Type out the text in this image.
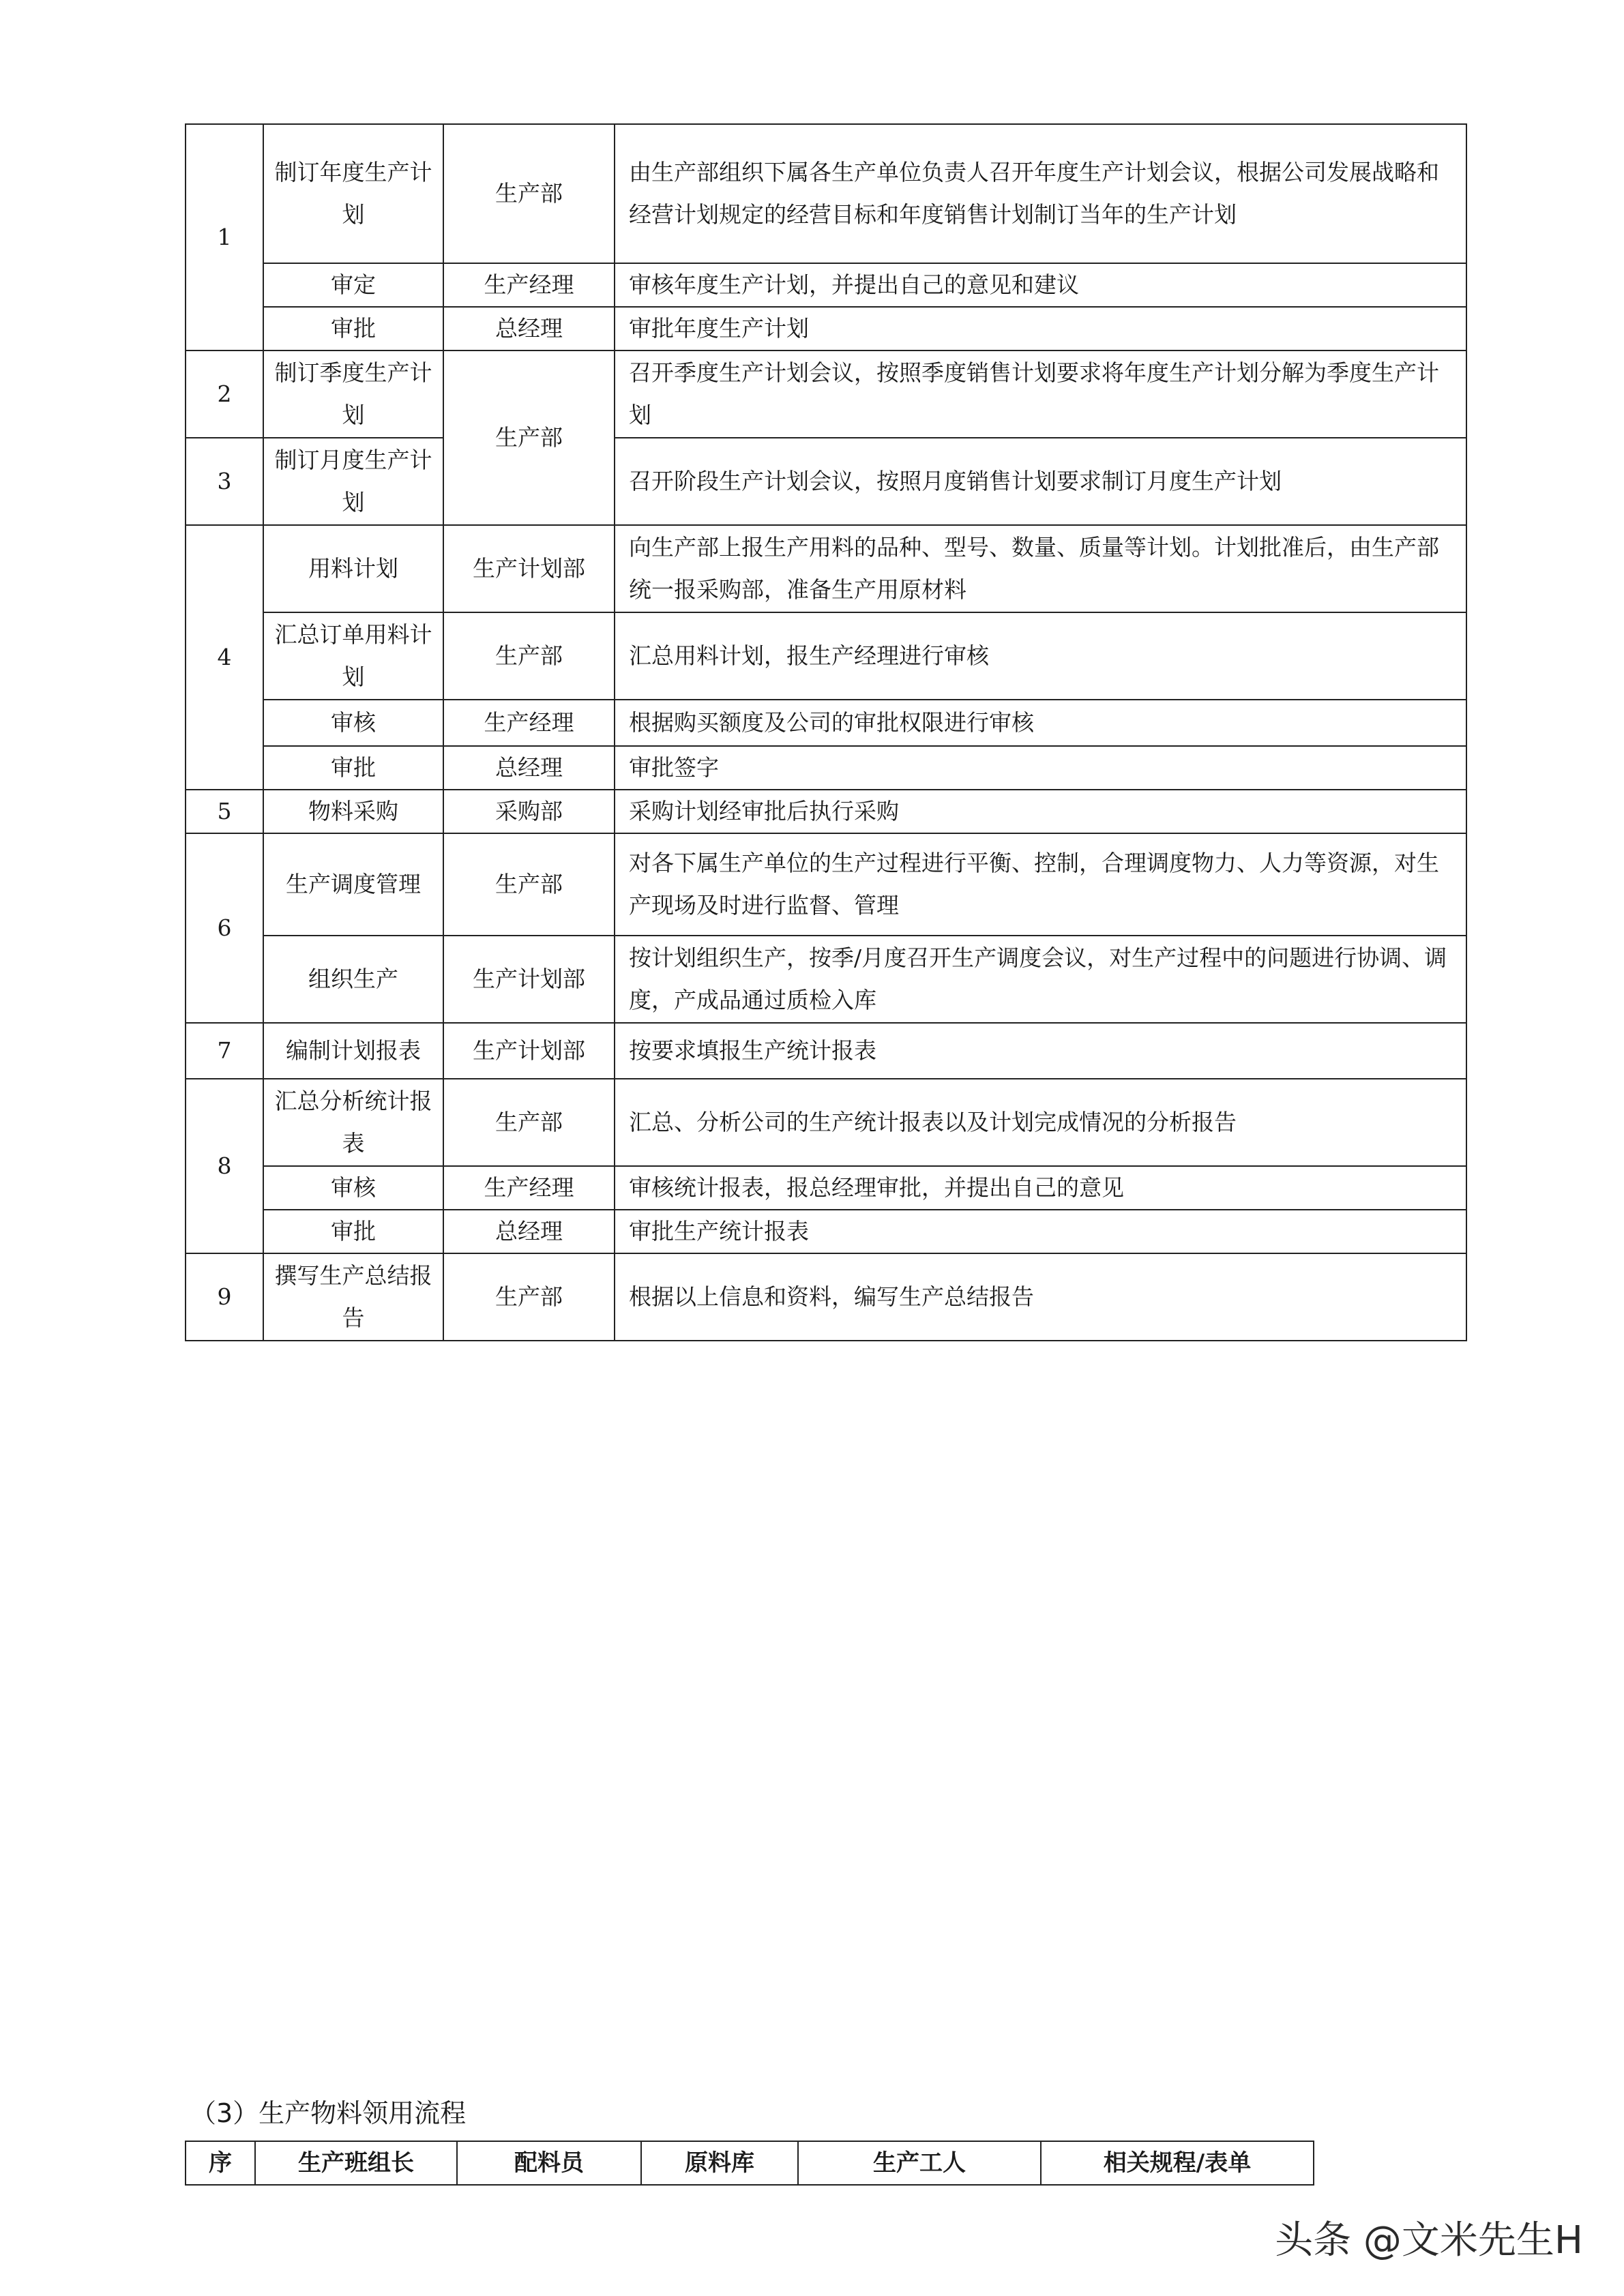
1	制订年度生产计划	生产部	由生产部组织下属各生产单位负责人召开年度生产计划会议，根据公司发展战略和经营计划规定的经营目标和年度销售计划制订当年的生产计划
	审定	生产经理	审核年度生产计划，并提出自己的意见和建议
	审批	总经理	审批年度生产计划
2	制订季度生产计划	生产部	召开季度生产计划会议，按照季度销售计划要求将年度生产计划分解为季度生产计划
3	制订月度生产计划		召开阶段生产计划会议，按照月度销售计划要求制订月度生产计划
4	用料计划	生产计划部	向生产部上报生产用料的品种、型号、数量、质量等计划。计划批准后，由生产部统一报采购部，准备生产用原材料
	汇总订单用料计划	生产部	汇总用料计划，报生产经理进行审核
	审核	生产经理	根据购买额度及公司的审批权限进行审核
	审批	总经理	审批签字
5	物料采购	采购部	采购计划经审批后执行采购
6	生产调度管理	生产部	对各下属生产单位的生产过程进行平衡、控制，合理调度物力、人力等资源，对生产现场及时进行监督、管理
	组织生产	生产计划部	按计划组织生产，按季/月度召开生产调度会议，对生产过程中的问题进行协调、调度，产成品通过质检入库
7	编制计划报表	生产计划部	按要求填报生产统计报表
8	汇总分析统计报表	生产部	汇总、分析公司的生产统计报表以及计划完成情况的分析报告
	审核	生产经理	审核统计报表，报总经理审批，并提出自己的意见
	审批	总经理	审批生产统计报表
9	撰写生产总结报告	生产部	根据以上信息和资料，编写生产总结报告
（3）生产物料领用流程
序	生产班组长	配料员	原料库	生产工人	相关规程/表单
头条 @文米先生H
